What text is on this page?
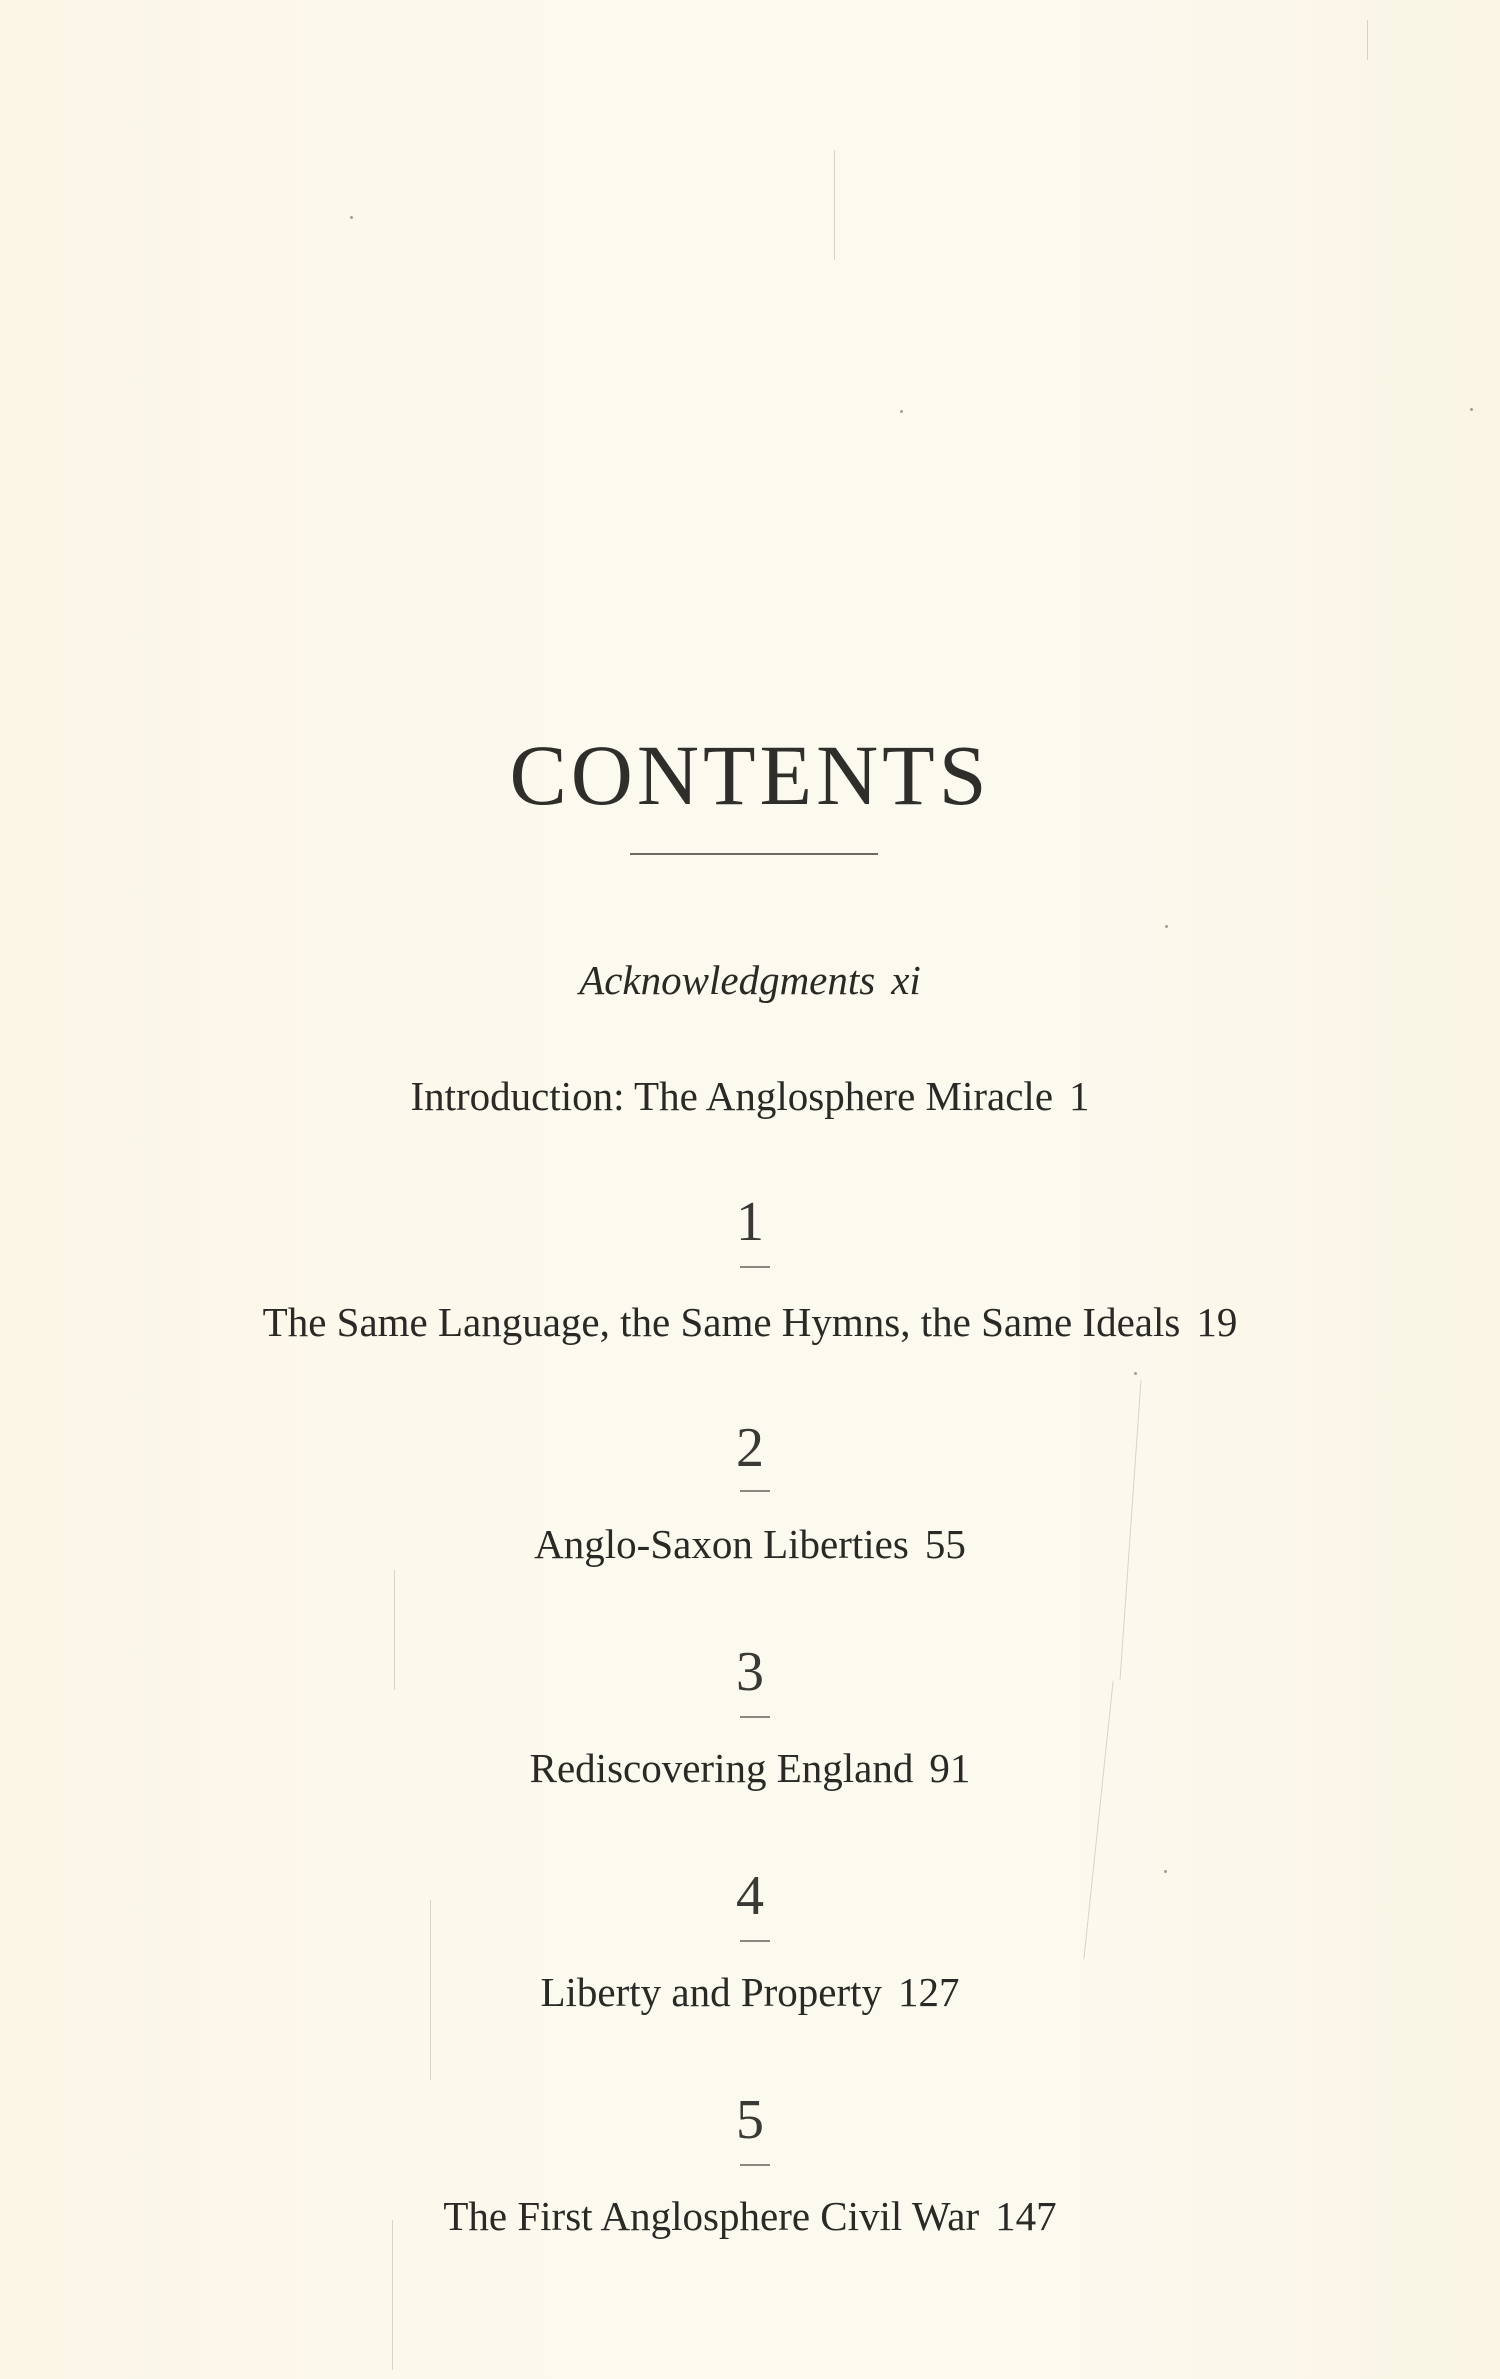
CONTENTS
Acknowledgments xi
Introduction: The Anglosphere Miracle 1
1
The Same Language, the Same Hymns, the Same Ideals 19
2
Anglo-Saxon Liberties 55
3
Rediscovering England 91
4
Liberty and Property 127
5
The First Anglosphere Civil War 147
